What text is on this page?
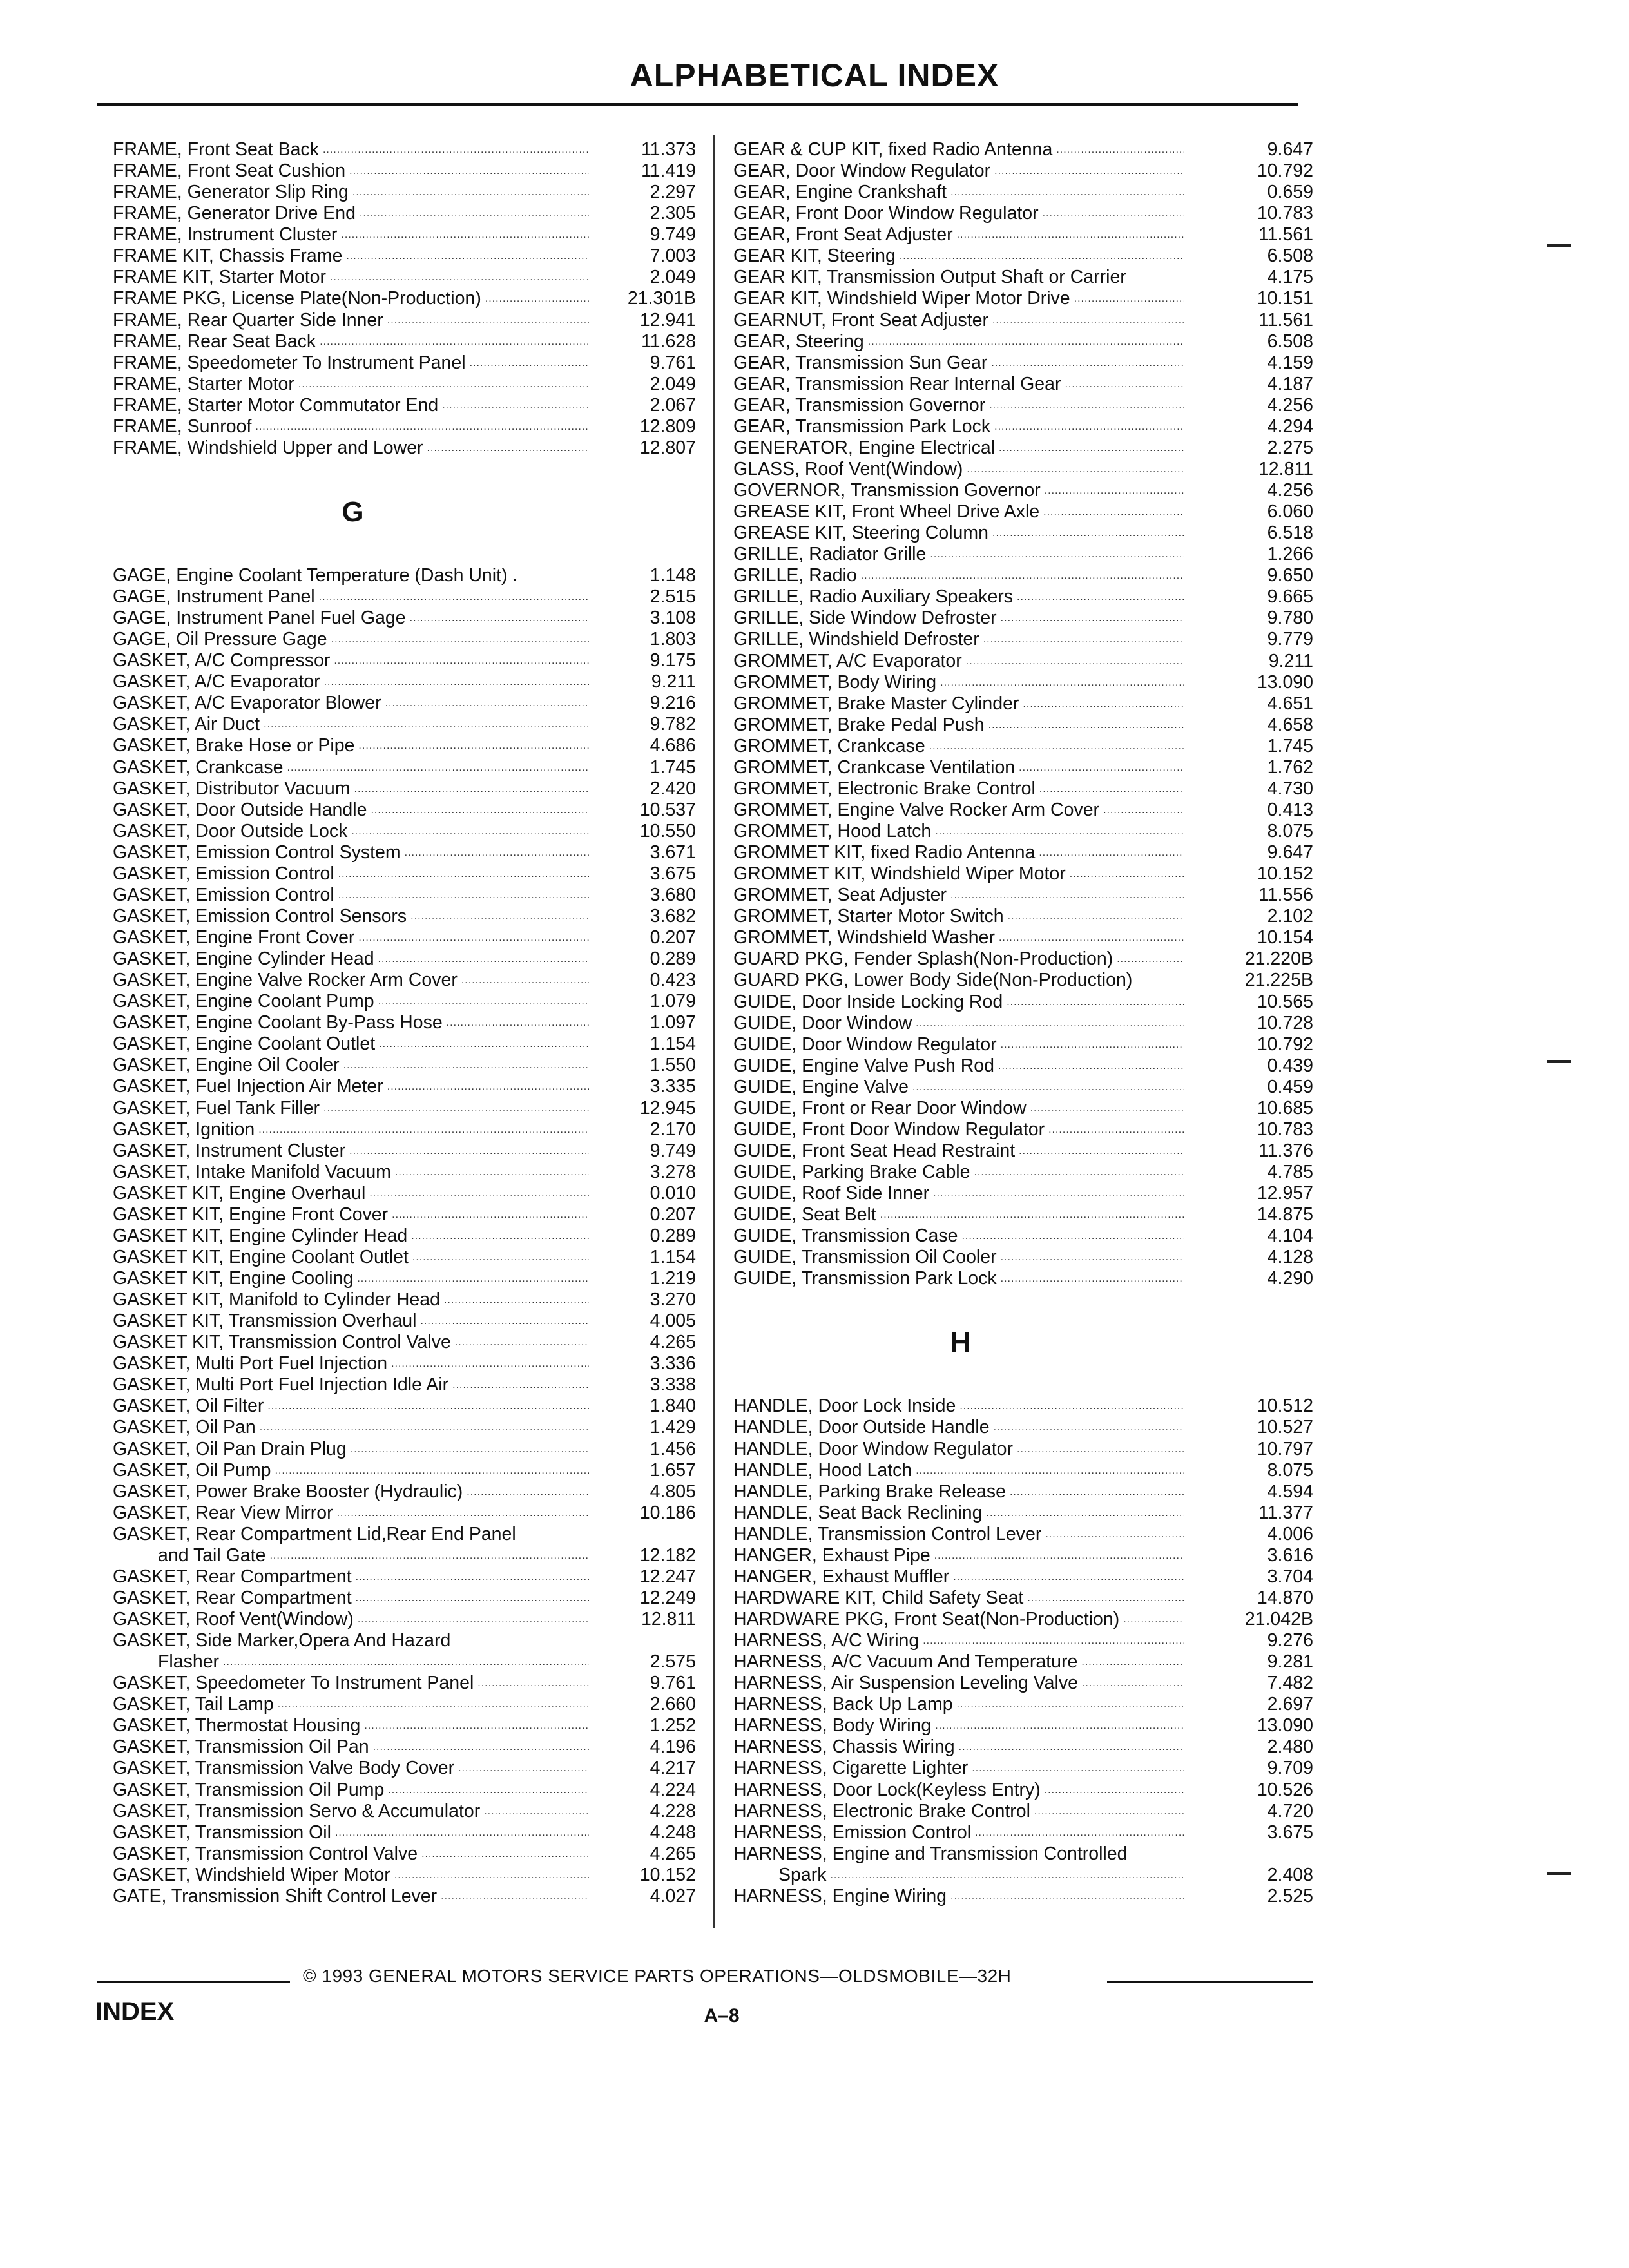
ALPHABETICAL INDEX
FRAME, Front Seat Back .....	11.373
FRAME, Front Seat Cushion .....	11.419
FRAME, Generator Slip Ring .....	2.297
FRAME, Generator Drive End .....	2.305
FRAME, Instrument Cluster .....	9.749
FRAME KIT, Chassis Frame .....	7.003
FRAME KIT, Starter Motor .....	2.049
FRAME PKG, License Plate(Non-Production) .....	21.301B
FRAME, Rear Quarter Side Inner .....	12.941
FRAME, Rear Seat Back .....	11.628
FRAME, Speedometer To Instrument Panel .....	9.761
FRAME, Starter Motor .....	2.049
FRAME, Starter Motor Commutator End .....	2.067
FRAME, Sunroof .....	12.809
FRAME, Windshield Upper and Lower .....	12.807
G
GAGE, Engine Coolant Temperature (Dash Unit) .	1.148
GAGE, Instrument Panel .....	2.515
GAGE, Instrument Panel Fuel Gage .....	3.108
GAGE, Oil Pressure Gage .....	1.803
GASKET, A/C Compressor .....	9.175
GASKET, A/C Evaporator .....	9.211
GASKET, A/C Evaporator Blower .....	9.216
GASKET, Air Duct .....	9.782
GASKET, Brake Hose or Pipe .....	4.686
GASKET, Crankcase .....	1.745
GASKET, Distributor Vacuum .....	2.420
GASKET, Door Outside Handle .....	10.537
GASKET, Door Outside Lock .....	10.550
GASKET, Emission Control System .....	3.671
GASKET, Emission Control .....	3.675
GASKET, Emission Control .....	3.680
GASKET, Emission Control Sensors .....	3.682
GASKET, Engine Front Cover .....	0.207
GASKET, Engine Cylinder Head .....	0.289
GASKET, Engine Valve Rocker Arm Cover .....	0.423
GASKET, Engine Coolant Pump .....	1.079
GASKET, Engine Coolant By-Pass Hose .....	1.097
GASKET, Engine Coolant Outlet .....	1.154
GASKET, Engine Oil Cooler .....	1.550
GASKET, Fuel Injection Air Meter .....	3.335
GASKET, Fuel Tank Filler .....	12.945
GASKET, Ignition .....	2.170
GASKET, Instrument Cluster .....	9.749
GASKET, Intake Manifold Vacuum .....	3.278
GASKET KIT, Engine Overhaul .....	0.010
GASKET KIT, Engine Front Cover .....	0.207
GASKET KIT, Engine Cylinder Head .....	0.289
GASKET KIT, Engine Coolant Outlet .....	1.154
GASKET KIT, Engine Cooling .....	1.219
GASKET KIT, Manifold to Cylinder Head .....	3.270
GASKET KIT, Transmission Overhaul .....	4.005
GASKET KIT, Transmission Control Valve .....	4.265
GASKET, Multi Port Fuel Injection .....	3.336
GASKET, Multi Port Fuel Injection Idle Air .....	3.338
GASKET, Oil Filter .....	1.840
GASKET, Oil Pan .....	1.429
GASKET, Oil Pan Drain Plug .....	1.456
GASKET, Oil Pump .....	1.657
GASKET, Power Brake Booster (Hydraulic) .....	4.805
GASKET, Rear View Mirror .....	10.186
GASKET, Rear Compartment Lid,Rear End Panel
and Tail Gate .....	12.182
GASKET, Rear Compartment .....	12.247
GASKET, Rear Compartment .....	12.249
GASKET, Roof Vent(Window) .....	12.811
GASKET, Side Marker,Opera And Hazard
Flasher .....	2.575
GASKET, Speedometer To Instrument Panel .....	9.761
GASKET, Tail Lamp .....	2.660
GASKET, Thermostat Housing .....	1.252
GASKET, Transmission Oil Pan .....	4.196
GASKET, Transmission Valve Body Cover .....	4.217
GASKET, Transmission Oil Pump .....	4.224
GASKET, Transmission Servo & Accumulator .....	4.228
GASKET, Transmission Oil .....	4.248
GASKET, Transmission Control Valve .....	4.265
GASKET, Windshield Wiper Motor .....	10.152
GATE, Transmission Shift Control Lever .....	4.027
GEAR & CUP KIT, fixed Radio Antenna .....	9.647
GEAR, Door Window Regulator .....	10.792
GEAR, Engine Crankshaft .....	0.659
GEAR, Front Door Window Regulator .....	10.783
GEAR, Front Seat Adjuster .....	11.561
GEAR KIT, Steering .....	6.508
GEAR KIT, Transmission Output Shaft or Carrier	4.175
GEAR KIT, Windshield Wiper Motor Drive .....	10.151
GEARNUT, Front Seat Adjuster .....	11.561
GEAR, Steering .....	6.508
GEAR, Transmission Sun Gear .....	4.159
GEAR, Transmission Rear Internal Gear .....	4.187
GEAR, Transmission Governor .....	4.256
GEAR, Transmission Park Lock .....	4.294
GENERATOR, Engine Electrical .....	2.275
GLASS, Roof Vent(Window) .....	12.811
GOVERNOR, Transmission Governor .....	4.256
GREASE KIT, Front Wheel Drive Axle .....	6.060
GREASE KIT, Steering Column .....	6.518
GRILLE, Radiator Grille .....	1.266
GRILLE, Radio .....	9.650
GRILLE, Radio Auxiliary Speakers .....	9.665
GRILLE, Side Window Defroster .....	9.780
GRILLE, Windshield Defroster .....	9.779
GROMMET, A/C Evaporator .....	9.211
GROMMET, Body Wiring .....	13.090
GROMMET, Brake Master Cylinder .....	4.651
GROMMET, Brake Pedal Push .....	4.658
GROMMET, Crankcase .....	1.745
GROMMET, Crankcase Ventilation .....	1.762
GROMMET, Electronic Brake Control .....	4.730
GROMMET, Engine Valve Rocker Arm Cover .....	0.413
GROMMET, Hood Latch .....	8.075
GROMMET KIT, fixed Radio Antenna .....	9.647
GROMMET KIT, Windshield Wiper Motor .....	10.152
GROMMET, Seat Adjuster .....	11.556
GROMMET, Starter Motor Switch .....	2.102
GROMMET, Windshield Washer .....	10.154
GUARD PKG, Fender Splash(Non-Production) .....	21.220B
GUARD PKG, Lower Body Side(Non-Production)	21.225B
GUIDE, Door Inside Locking Rod .....	10.565
GUIDE, Door Window .....	10.728
GUIDE, Door Window Regulator .....	10.792
GUIDE, Engine Valve Push Rod .....	0.439
GUIDE, Engine Valve .....	0.459
GUIDE, Front or Rear Door Window .....	10.685
GUIDE, Front Door Window Regulator .....	10.783
GUIDE, Front Seat Head Restraint .....	11.376
GUIDE, Parking Brake Cable .....	4.785
GUIDE, Roof Side Inner .....	12.957
GUIDE, Seat Belt .....	14.875
GUIDE, Transmission Case .....	4.104
GUIDE, Transmission Oil Cooler .....	4.128
GUIDE, Transmission Park Lock .....	4.290
H
HANDLE, Door Lock Inside .....	10.512
HANDLE, Door Outside Handle .....	10.527
HANDLE, Door Window Regulator .....	10.797
HANDLE, Hood Latch .....	8.075
HANDLE, Parking Brake Release .....	4.594
HANDLE, Seat Back Reclining .....	11.377
HANDLE, Transmission Control Lever .....	4.006
HANGER, Exhaust Pipe .....	3.616
HANGER, Exhaust Muffler .....	3.704
HARDWARE KIT, Child Safety Seat .....	14.870
HARDWARE PKG, Front Seat(Non-Production) .....	21.042B
HARNESS, A/C Wiring .....	9.276
HARNESS, A/C Vacuum And Temperature .....	9.281
HARNESS, Air Suspension Leveling Valve .....	7.482
HARNESS, Back Up Lamp .....	2.697
HARNESS, Body Wiring .....	13.090
HARNESS, Chassis Wiring .....	2.480
HARNESS, Cigarette Lighter .....	9.709
HARNESS, Door Lock(Keyless Entry) .....	10.526
HARNESS, Electronic Brake Control .....	4.720
HARNESS, Emission Control .....	3.675
HARNESS, Engine and Transmission Controlled
Spark .....	2.408
HARNESS, Engine Wiring .....	2.525
© 1993 GENERAL MOTORS SERVICE PARTS OPERATIONS—OLDSMOBILE—32H
INDEX	A–8
